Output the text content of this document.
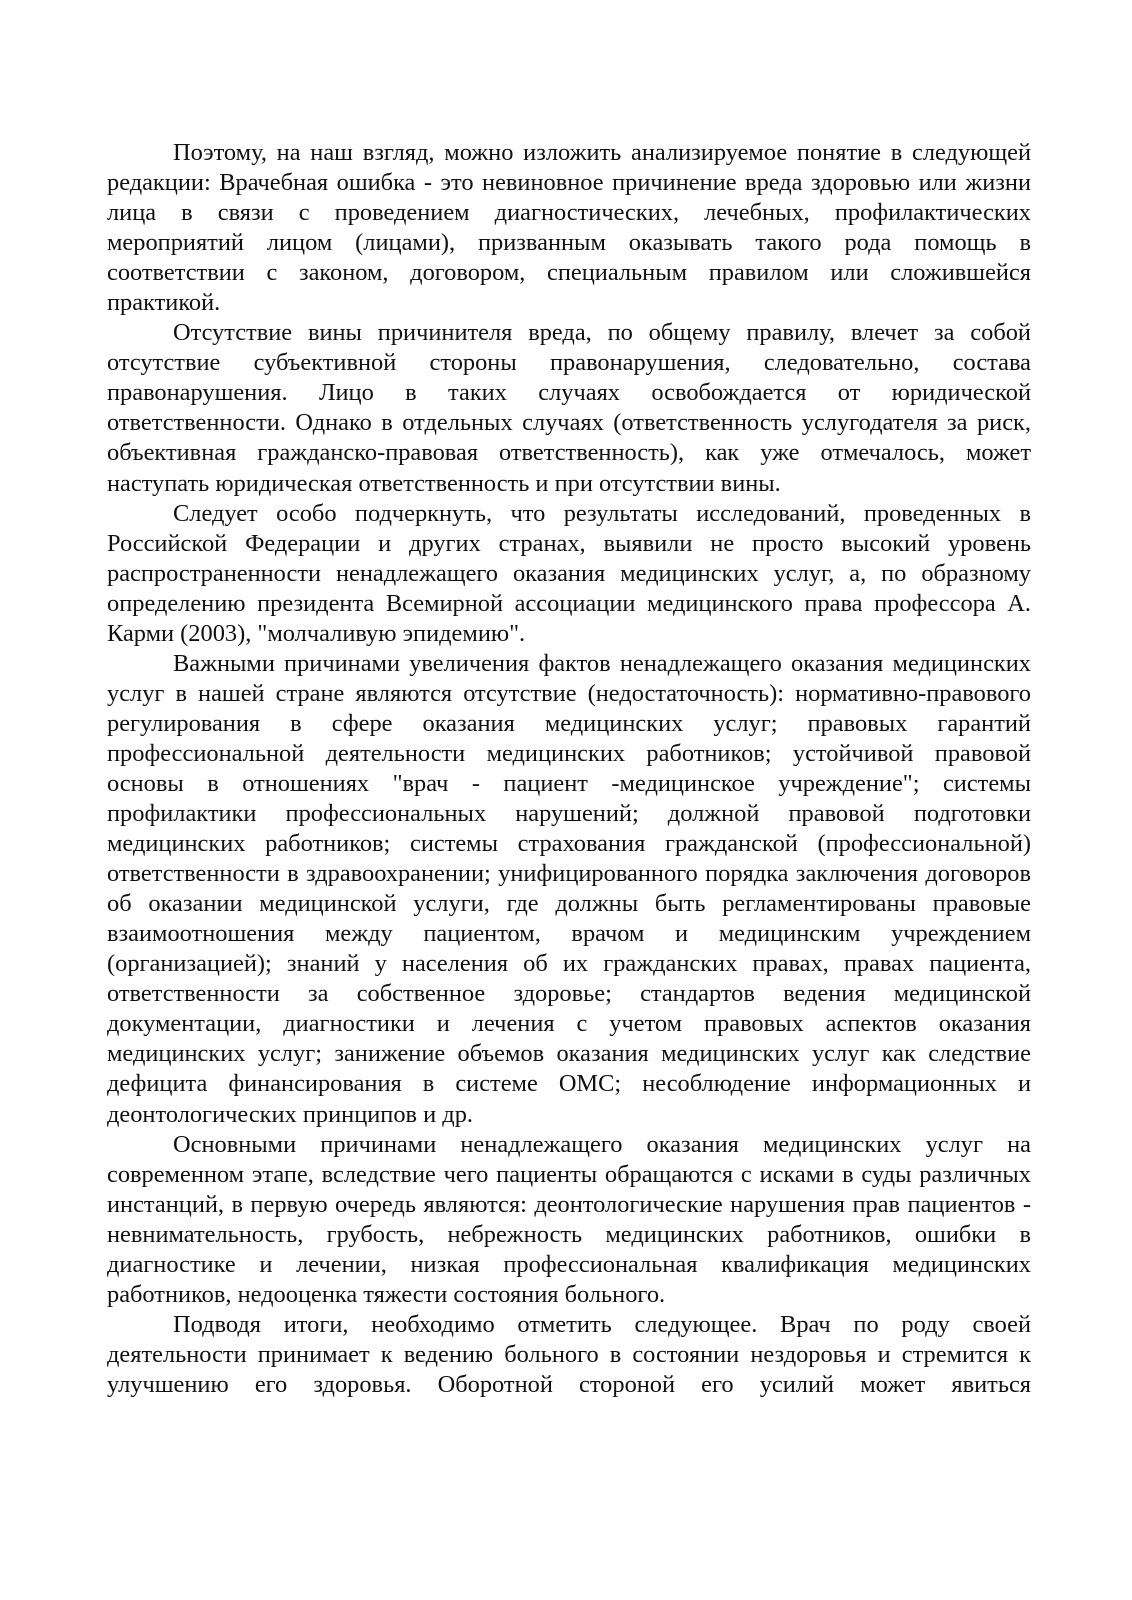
Поэтому, на наш взгляд, можно изложить анализируемое понятие в следующей редакции: Врачебная ошибка - это невиновное причинение вреда здоровью или жизни лица в связи с проведением диагностических, лечебных, профилактических мероприятий лицом (лицами), призванным оказывать такого рода помощь в соответствии с законом, договором, специальным правилом или сложившейся практикой.

Отсутствие вины причинителя вреда, по общему правилу, влечет за собой отсутствие субъективной стороны правонарушения, следовательно, состава правонарушения. Лицо в таких случаях освобождается от юридической ответственности. Однако в отдельных случаях (ответственность услугодателя за риск, объективная гражданско-правовая ответственность), как уже отмечалось, может наступать юридическая ответственность и при отсутствии вины.

Следует особо подчеркнуть, что результаты исследований, проведенных в Российской Федерации и других странах, выявили не просто высокий уровень распространенности ненадлежащего оказания медицинских услуг, а, по образному определению президента Всемирной ассоциации медицинского права профессора А. Карми (2003), "молчаливую эпидемию".

Важными причинами увеличения фактов ненадлежащего оказания медицинских услуг в нашей стране являются отсутствие (недостаточность): нормативно-правового регулирования в сфере оказания медицинских услуг; правовых гарантий профессиональной деятельности медицинских работников; устойчивой правовой основы в отношениях "врач - пациент -медицинское учреждение"; системы профилактики профессиональных нарушений; должной правовой подготовки медицинских работников; системы страхования гражданской (профессиональной) ответственности в здравоохранении; унифицированного порядка заключения договоров об оказании медицинской услуги, где должны быть регламентированы правовые взаимоотношения между пациентом, врачом и медицинским учреждением (организацией); знаний у населения об их гражданских правах, правах пациента, ответственности за собственное здоровье; стандартов ведения медицинской документации, диагностики и лечения с учетом правовых аспектов оказания медицинских услуг; занижение объемов оказания медицинских услуг как следствие дефицита финансирования в системе ОМС; несоблюдение информационных и деонтологических принципов и др.

Основными причинами ненадлежащего оказания медицинских услуг на современном этапе, вследствие чего пациенты обращаются с исками в суды различных инстанций, в первую очередь являются: деонтологические нарушения прав пациентов - невнимательность, грубость, небрежность медицинских работников, ошибки в диагностике и лечении, низкая профессиональная квалификация медицинских работников, недооценка тяжести состояния больного.

Подводя итоги, необходимо отметить следующее. Врач по роду своей деятельности принимает к ведению больного в состоянии нездоровья и стремится к улучшению его здоровья. Оборотной стороной его усилий может явиться
